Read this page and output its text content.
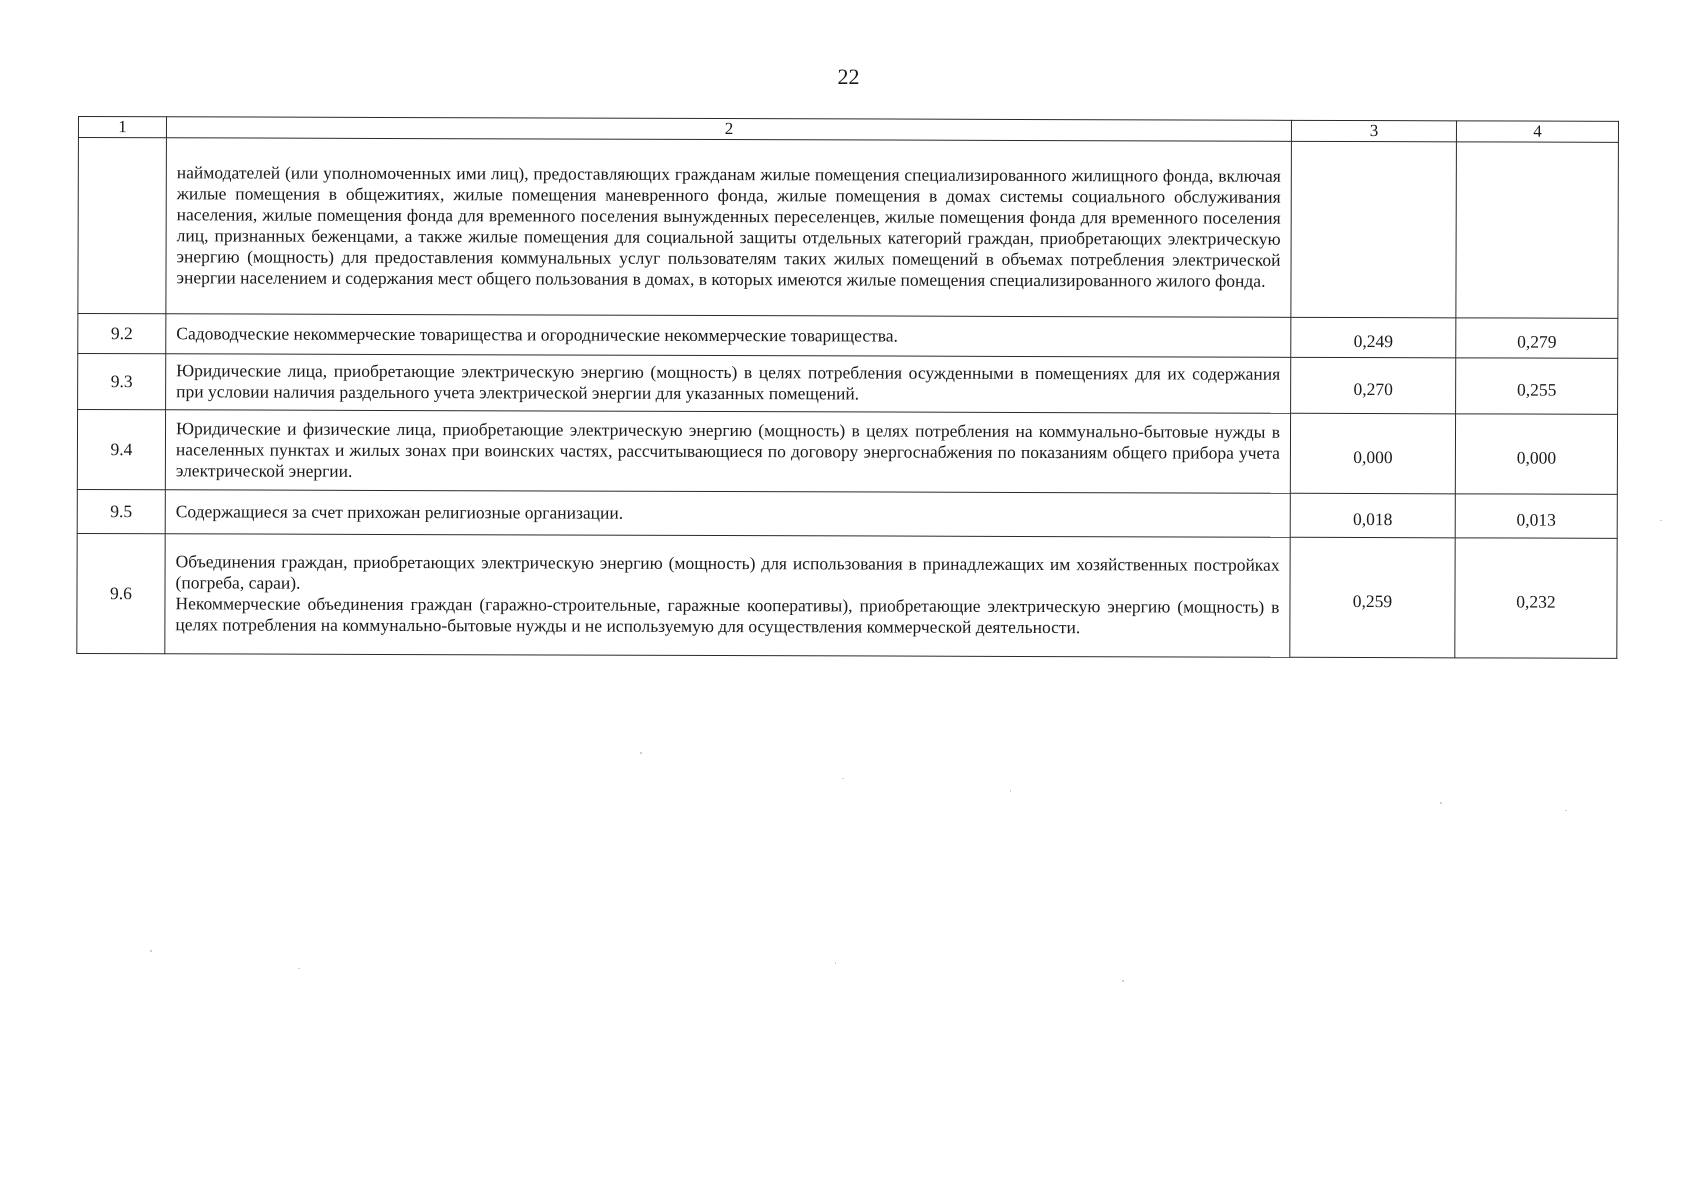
22
1	2	3	4

	наймодателей (или уполномоченных ими лиц), предоставляющих гражданам жилые помещения специализированного жилищного фонда, включая жилые помещения в общежитиях, жилые помещения маневренного фонда, жилые помещения в домах системы социального обслуживания населения, жилые помещения фонда для временного поселения вынужденных переселенцев, жилые помещения фонда для временного поселения лиц, признанных беженцами, а также жилые помещения для социальной защиты отдельных категорий граждан, приобретающих электрическую энергию (мощность) для предоставления коммунальных услуг пользователям таких жилых помещений в объемах потребления электрической энергии населением и содержания мест общего пользования в домах, в которых имеются жилые помещения специализированного жилого фонда.		

9.2	Садоводческие некоммерческие товарищества и огороднические некоммерческие товарищества.	0,249	0,279
9.3	Юридические лица, приобретающие электрическую энергию (мощность) в целях потребления осужденными в помещениях для их содержания при условии наличия раздельного учета электрической энергии для указанных помещений.	0,270	0,255
9.4	Юридические и физические лица, приобретающие электрическую энергию (мощность) в целях потребления на коммунально-бытовые нужды в населенных пунктах и жилых зонах при воинских частях, рассчитывающиеся по договору энергоснабжения по показаниям общего прибора учета электрической энергии.	0,000	0,000
9.5	Содержащиеся за счет прихожан религиозные организации.	0,018	0,013
9.6	Объединения граждан, приобретающих электрическую энергию (мощность) для использования в принадлежащих им хозяйственных постройках (погреба, сараи).
Некоммерческие объединения граждан (гаражно-строительные, гаражные кооперативы), приобретающие электрическую энергию (мощность) в целях потребления на коммунально-бытовые нужды и не используемую для осуществления коммерческой деятельности.	0,259	0,232
